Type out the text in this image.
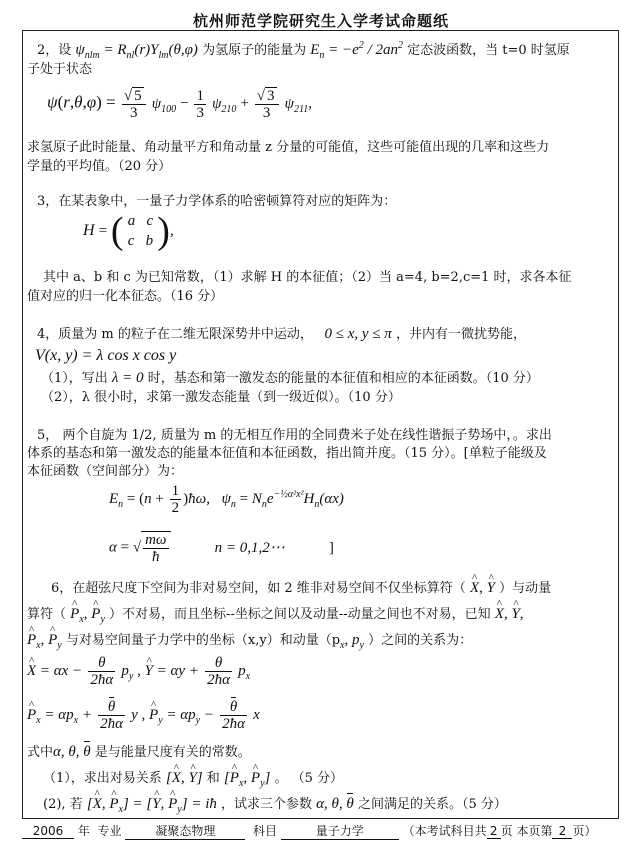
杭州师范学院研究生入学考试命题纸
2，设 $\psi_{nlm} = R_{nl}(r)Y_{lm}(\theta,\varphi)$ 为氢原子的能量为 $E_n = -e^2 / 2an^2$ 定态波函数，当 t=0 时氢原
子处于状态
$\psi(r,\theta,\varphi) = \frac{√ 5}{3} \psi_{100} - \frac{1}{3} \psi_{210} + \frac{√ 3}{3} \psi_{211}$,
求氢原子此时能量、角动量平方和角动量 z 分量的可能值，这些可能值出现的几率和这些力
学量的平均值。（20 分）
3，在某表象中，一量子力学体系的哈密顿算符对应的矩阵为：
H = ( a   c
c   b ),
其中 a、b 和 c 为已知常数，（1）求解 H 的本征值；（2）当 a=4, b=2,c=1 时，求各本征
值对应的归一化本征态。（16 分）
4，质量为 m 的粒子在二维无限深势井中运动，   0 ≤ x, y ≤ π ，井内有一微扰势能，
V(x, y) = λ cos x cos y
（1），写出 λ = 0 时，基态和第一激发态的能量的本征值和相应的本征函数。（10 分）
（2），λ 很小时，求第一激发态能量（到一级近似）。（10 分）
5， 两个自旋为 1/2, 质量为 m 的无相互作用的全同费米子处在线性谐振子势场中，。求出
体系的基态和第一激发态的能量本征值和本征函数，指出简并度。（15 分）。[单粒子能级及
本征函数（空间部分）为：
$E_n = (n + \frac{1}{2}$ )ħω,   $\psi_n = N_ne^{-\frac{1}{2}\alpha^2x^2}H_n(\alpha x)$
α = √ $\frac{m\omega}{ħ}$	n = 0,1,2⋯	]
6，在超弦尺度下空间为非对易空间，如 2 维非对易空间不仅坐标算符（ ^ X, ^ Y ）与动量
算符（ ^ $P_x$, ^ $P_y$ ）不对易，而且坐标--坐标之间以及动量--动量之间也不对易，已知 ^ X, ^ Y,
^ $P_x$, ^ $P_y$ 与对易空间量子力学中的坐标（x,y）和动量（$p_x$, $p_y$ ）之间的关系为：
^ $X = \alpha x - \frac{\theta}{2ħ\alpha} p_y$ , ^ $Y = \alpha y + \frac{\theta}{2ħ\alpha} p_x$
^ $P_x = \alpha p_x + \frac{\theta}{2ħ\alpha}$ y , ^ $P_y = \alpha p_y - \frac{\theta}{2ħ\alpha}$ x
式中α, θ, θ 是与能量尺度有关的常数。
（1），求出对易关系 [^ X, ^ Y] 和 [^ $P_x$, ^ $P_y$] 。 （5 分）
(2), 若 [^ X, ^ $P_x$] = [^ Y, ^ $P_y$] = iħ ，试求三个参数 α, θ, θ 之间满足的关系。（5 分）
2006 年 专业	凝聚态物理	科目	量子力学	（本考试科目共 2 页 本页第 2 页）
